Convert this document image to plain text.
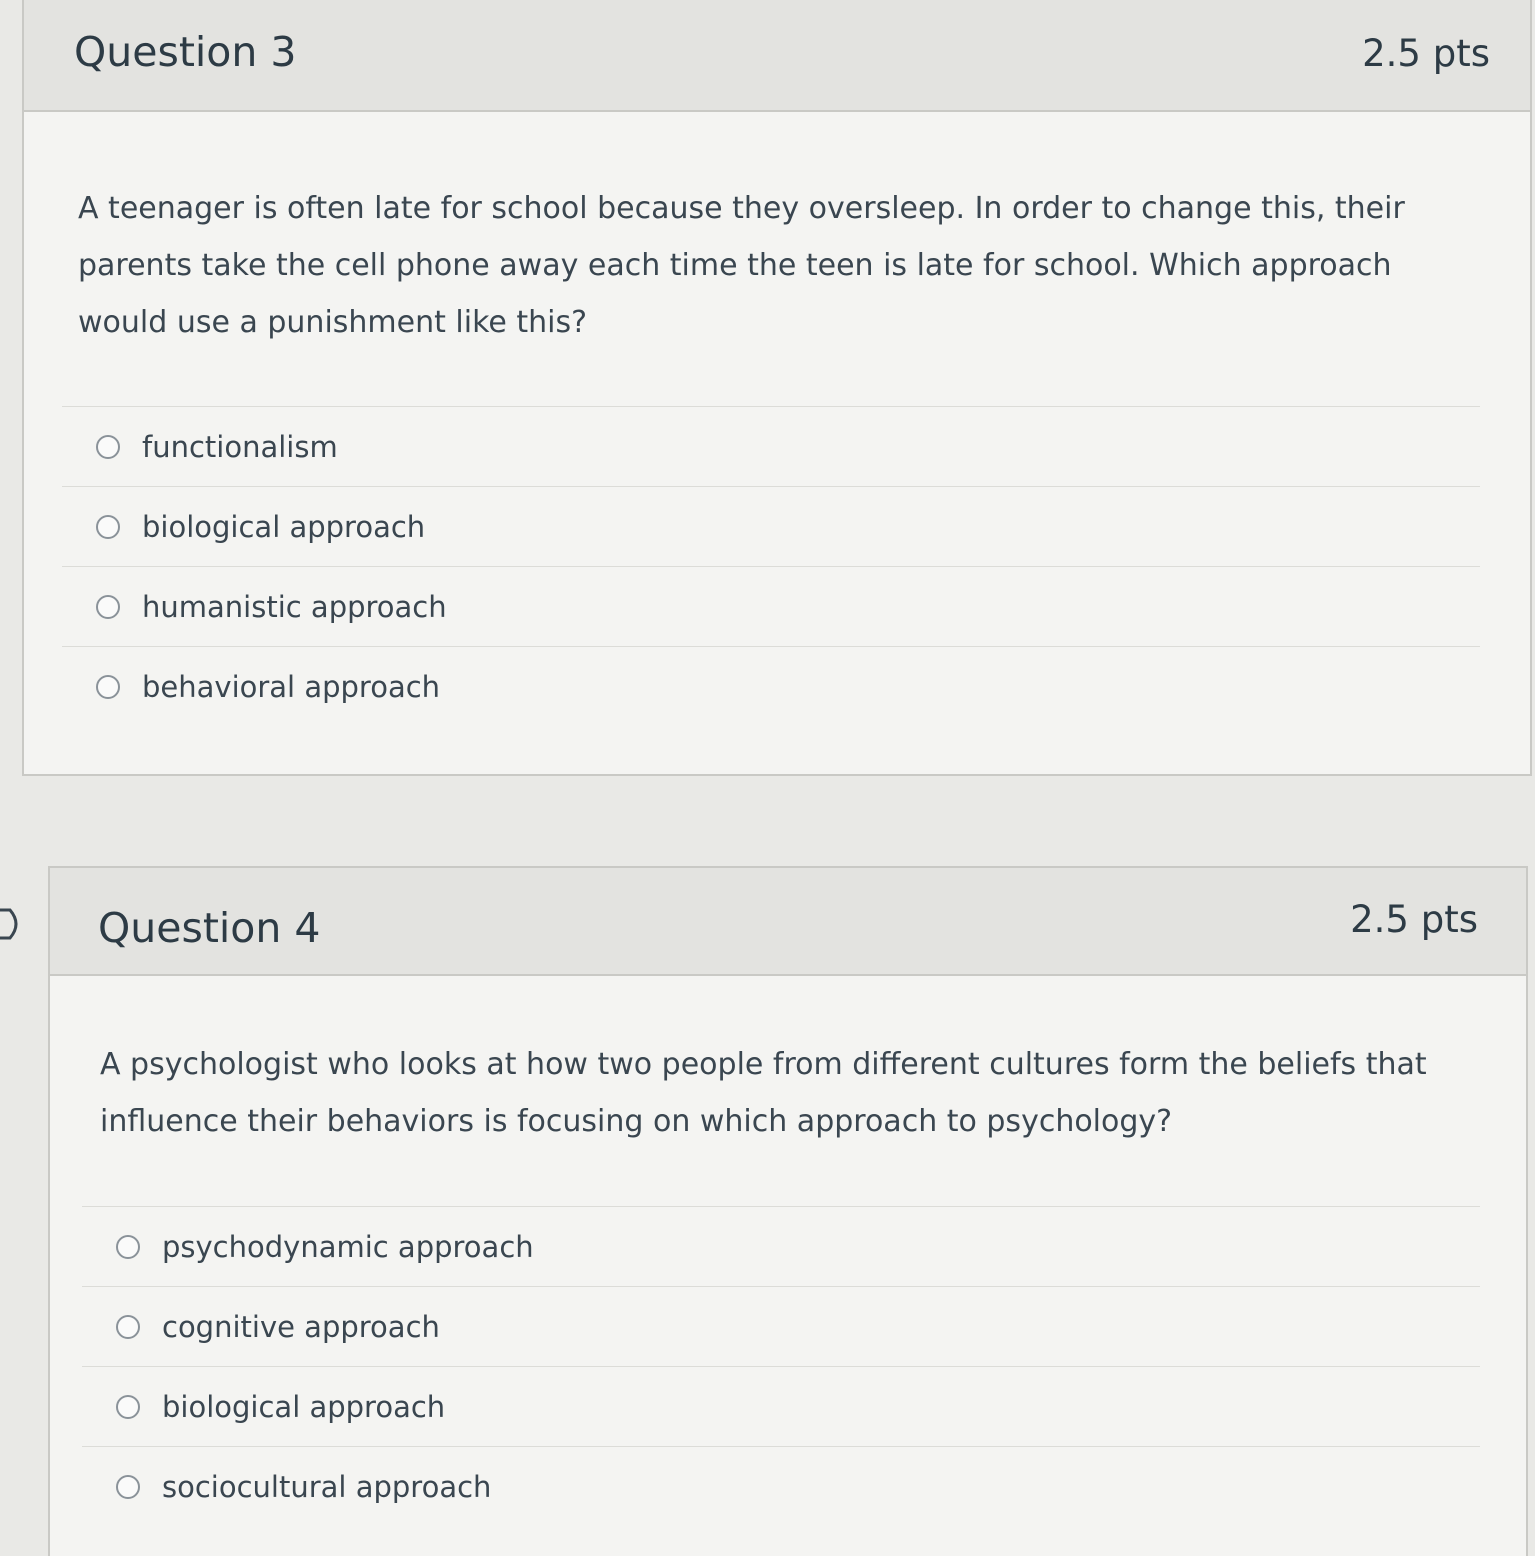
Question 3	2.5 pts
A teenager is often late for school because they oversleep. In order to change this, their parents take the cell phone away each time the teen is late for school. Which approach would use a punishment like this?
functionalism
biological approach
humanistic approach
behavioral approach
Question 4	2.5 pts
A psychologist who looks at how two people from different cultures form the beliefs that influence their behaviors is focusing on which approach to psychology?
psychodynamic approach
cognitive approach
biological approach
sociocultural approach
